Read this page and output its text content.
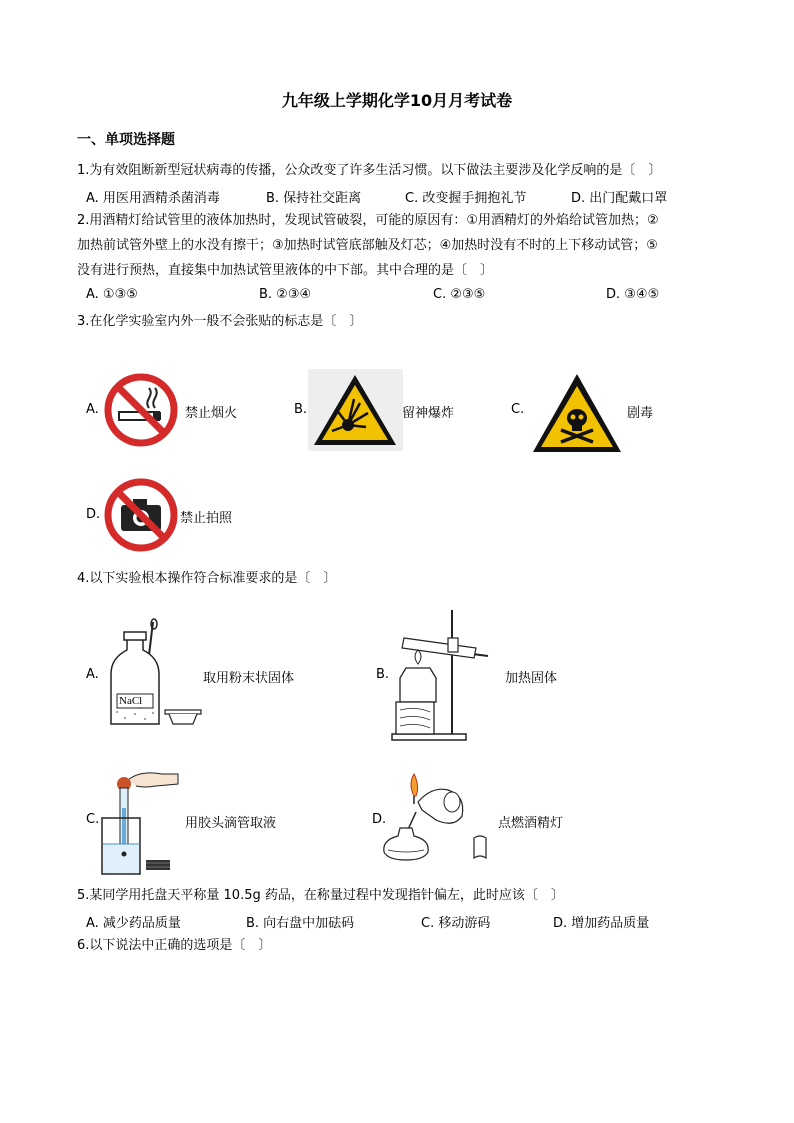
九年级上学期化学10月月考试卷
一、单项选择题
1.为有效阻断新型冠状病毒的传播，公众改变了许多生活习惯。以下做法主要涉及化学反响的是〔　〕
A. 用医用酒精杀菌消毒	B. 保持社交距离	C. 改变握手拥抱礼节	D. 出门配戴口罩
2.用酒精灯给试管里的液体加热时，发现试管破裂，可能的原因有：①用酒精灯的外焰给试管加热；②
加热前试管外壁上的水没有擦干；③加热时试管底部触及灯芯；④加热时没有不时的上下移动试管；⑤
没有进行预热，直接集中加热试管里液体的中下部。其中合理的是〔　〕
A. ①③⑤	B. ②③④	C. ②③⑤	D. ③④⑤
3.在化学实验室内外一般不会张贴的标志是〔　〕
A.	禁止烟火	B.	留神爆炸	C.	剧毒
D.	禁止拍照
4.以下实验根本操作符合标准要求的是〔　〕
A.
NaCl
取用粉末状固体	B.	加热固体
C.	用胶头滴管取液	D.	点燃酒精灯
5.某同学用托盘天平称量 10.5g 药品，在称量过程中发现指针偏左，此时应该〔　〕
A. 减少药品质量	B. 向右盘中加砝码	C. 移动游码	D. 增加药品质量
6.以下说法中正确的选项是〔　〕
